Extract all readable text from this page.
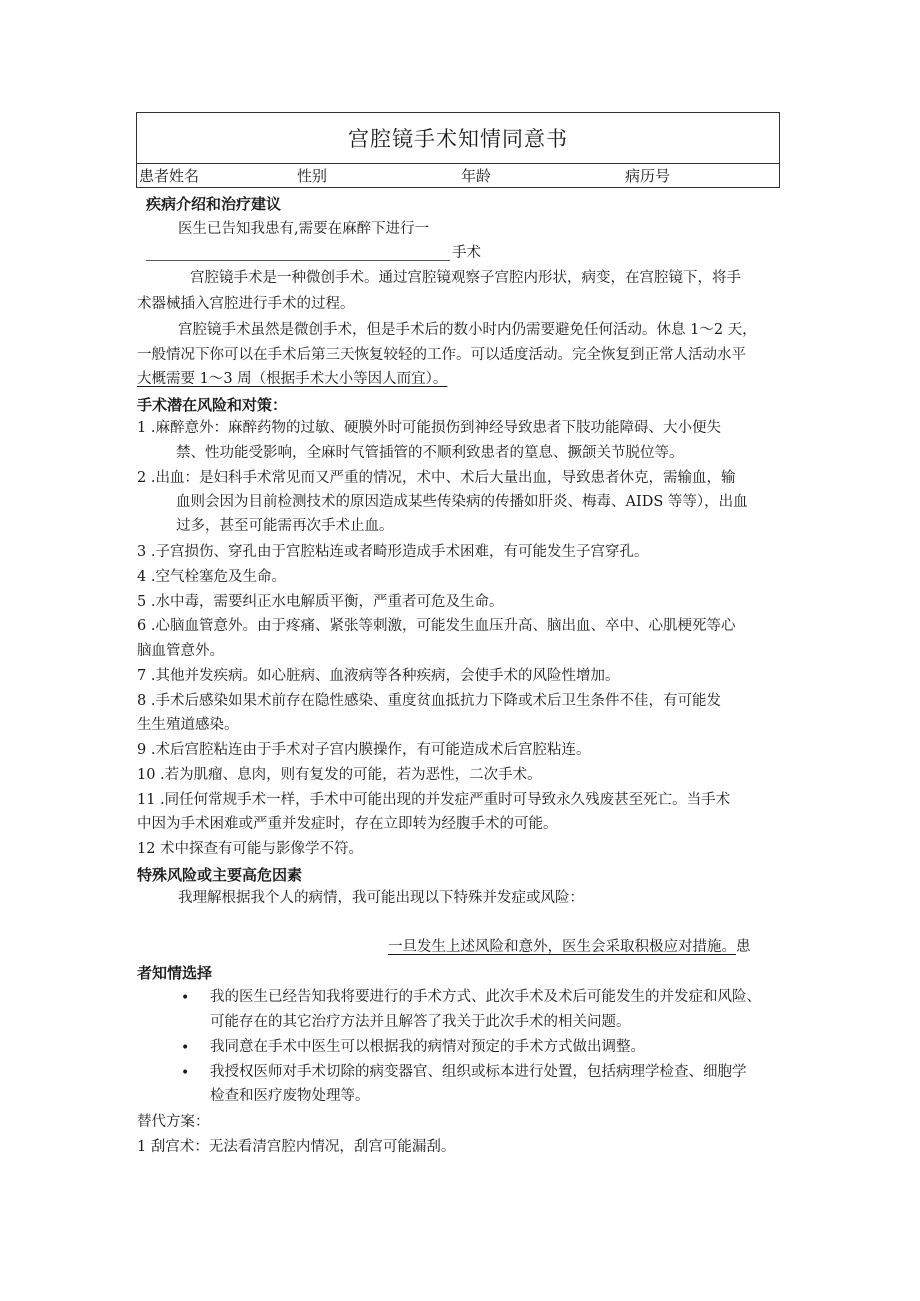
宫腔镜手术知情同意书
患者姓名	性别	年龄	病历号
疾病介绍和治疗建议
医生已告知我患有,需要在麻醉下进行一
手术
宫腔镜手术是一种微创手术。通过宫腔镜观察子宫腔内形状，病变，在宫腔镜下，将手
术器械插入宫腔进行手术的过程。
宫腔镜手术虽然是微创手术，但是手术后的数小时内仍需要避免任何活动。休息 1～2 天，
一般情况下你可以在手术后第三天恢复较轻的工作。可以适度活动。完全恢复到正常人活动水平
大概需要 1～3 周（根据手术大小等因人而宜）。
手术潜在风险和对策：
1 .麻醉意外：麻醉药物的过敏、硬膜外时可能损伤到神经导致患者下肢功能障碍、大小便失
禁、性功能受影响，全麻时气管插管的不顺利致患者的篁息、撅颌关节脱位等。
2 .出血：是妇科手术常见而又严重的情况，术中、术后大量出血，导致患者休克，需输血，输
血则会因为目前检测技术的原因造成某些传染病的传播如肝炎、梅毒、AIDS 等等），出血
过多，甚至可能需再次手术止血。
3 .子宫损伤、穿孔由于宫腔粘连或者畸形造成手术困难，有可能发生子宫穿孔。
4 .空气栓塞危及生命。
5 .水中毒，需要纠正水电解质平衡，严重者可危及生命。
6 .心脑血管意外。由于疼痛、紧张等刺激，可能发生血压升高、脑出血、卒中、心肌梗死等心
脑血管意外。
7 .其他并发疾病。如心脏病、血液病等各种疾病，会使手术的风险性增加。
8 .手术后感染如果术前存在隐性感染、重度贫血抵抗力下降或术后卫生条件不佳，有可能发
生生殖道感染。
9 .术后宫腔粘连由于手术对子宫内膜操作，有可能造成术后宫腔粘连。
10 .若为肌瘤、息肉，则有复发的可能，若为恶性，二次手术。
11 .同任何常规手术一样，手术中可能出现的并发症严重时可导致永久残废甚至死亡。当手术
中因为手术困难或严重并发症时，存在立即转为经腹手术的可能。
12 术中探查有可能与影像学不符。
特殊风险或主要高危因素
我理解根据我个人的病情，我可能出现以下特殊并发症或风险：
一旦发生上述风险和意外，医生会采取积极应对措施。患
者知情选择
• 我的医生已经告知我将要进行的手术方式、此次手术及术后可能发生的并发症和风险、
可能存在的其它治疗方法并且解答了我关于此次手术的相关问题。
• 我同意在手术中医生可以根据我的病情对预定的手术方式做出调整。
• 我授权医师对手术切除的病变器官、组织或标本进行处置，包括病理学检查、细胞学
检查和医疗废物处理等。
替代方案：
1 刮宫术：无法看清宫腔内情况，刮宫可能漏刮。
